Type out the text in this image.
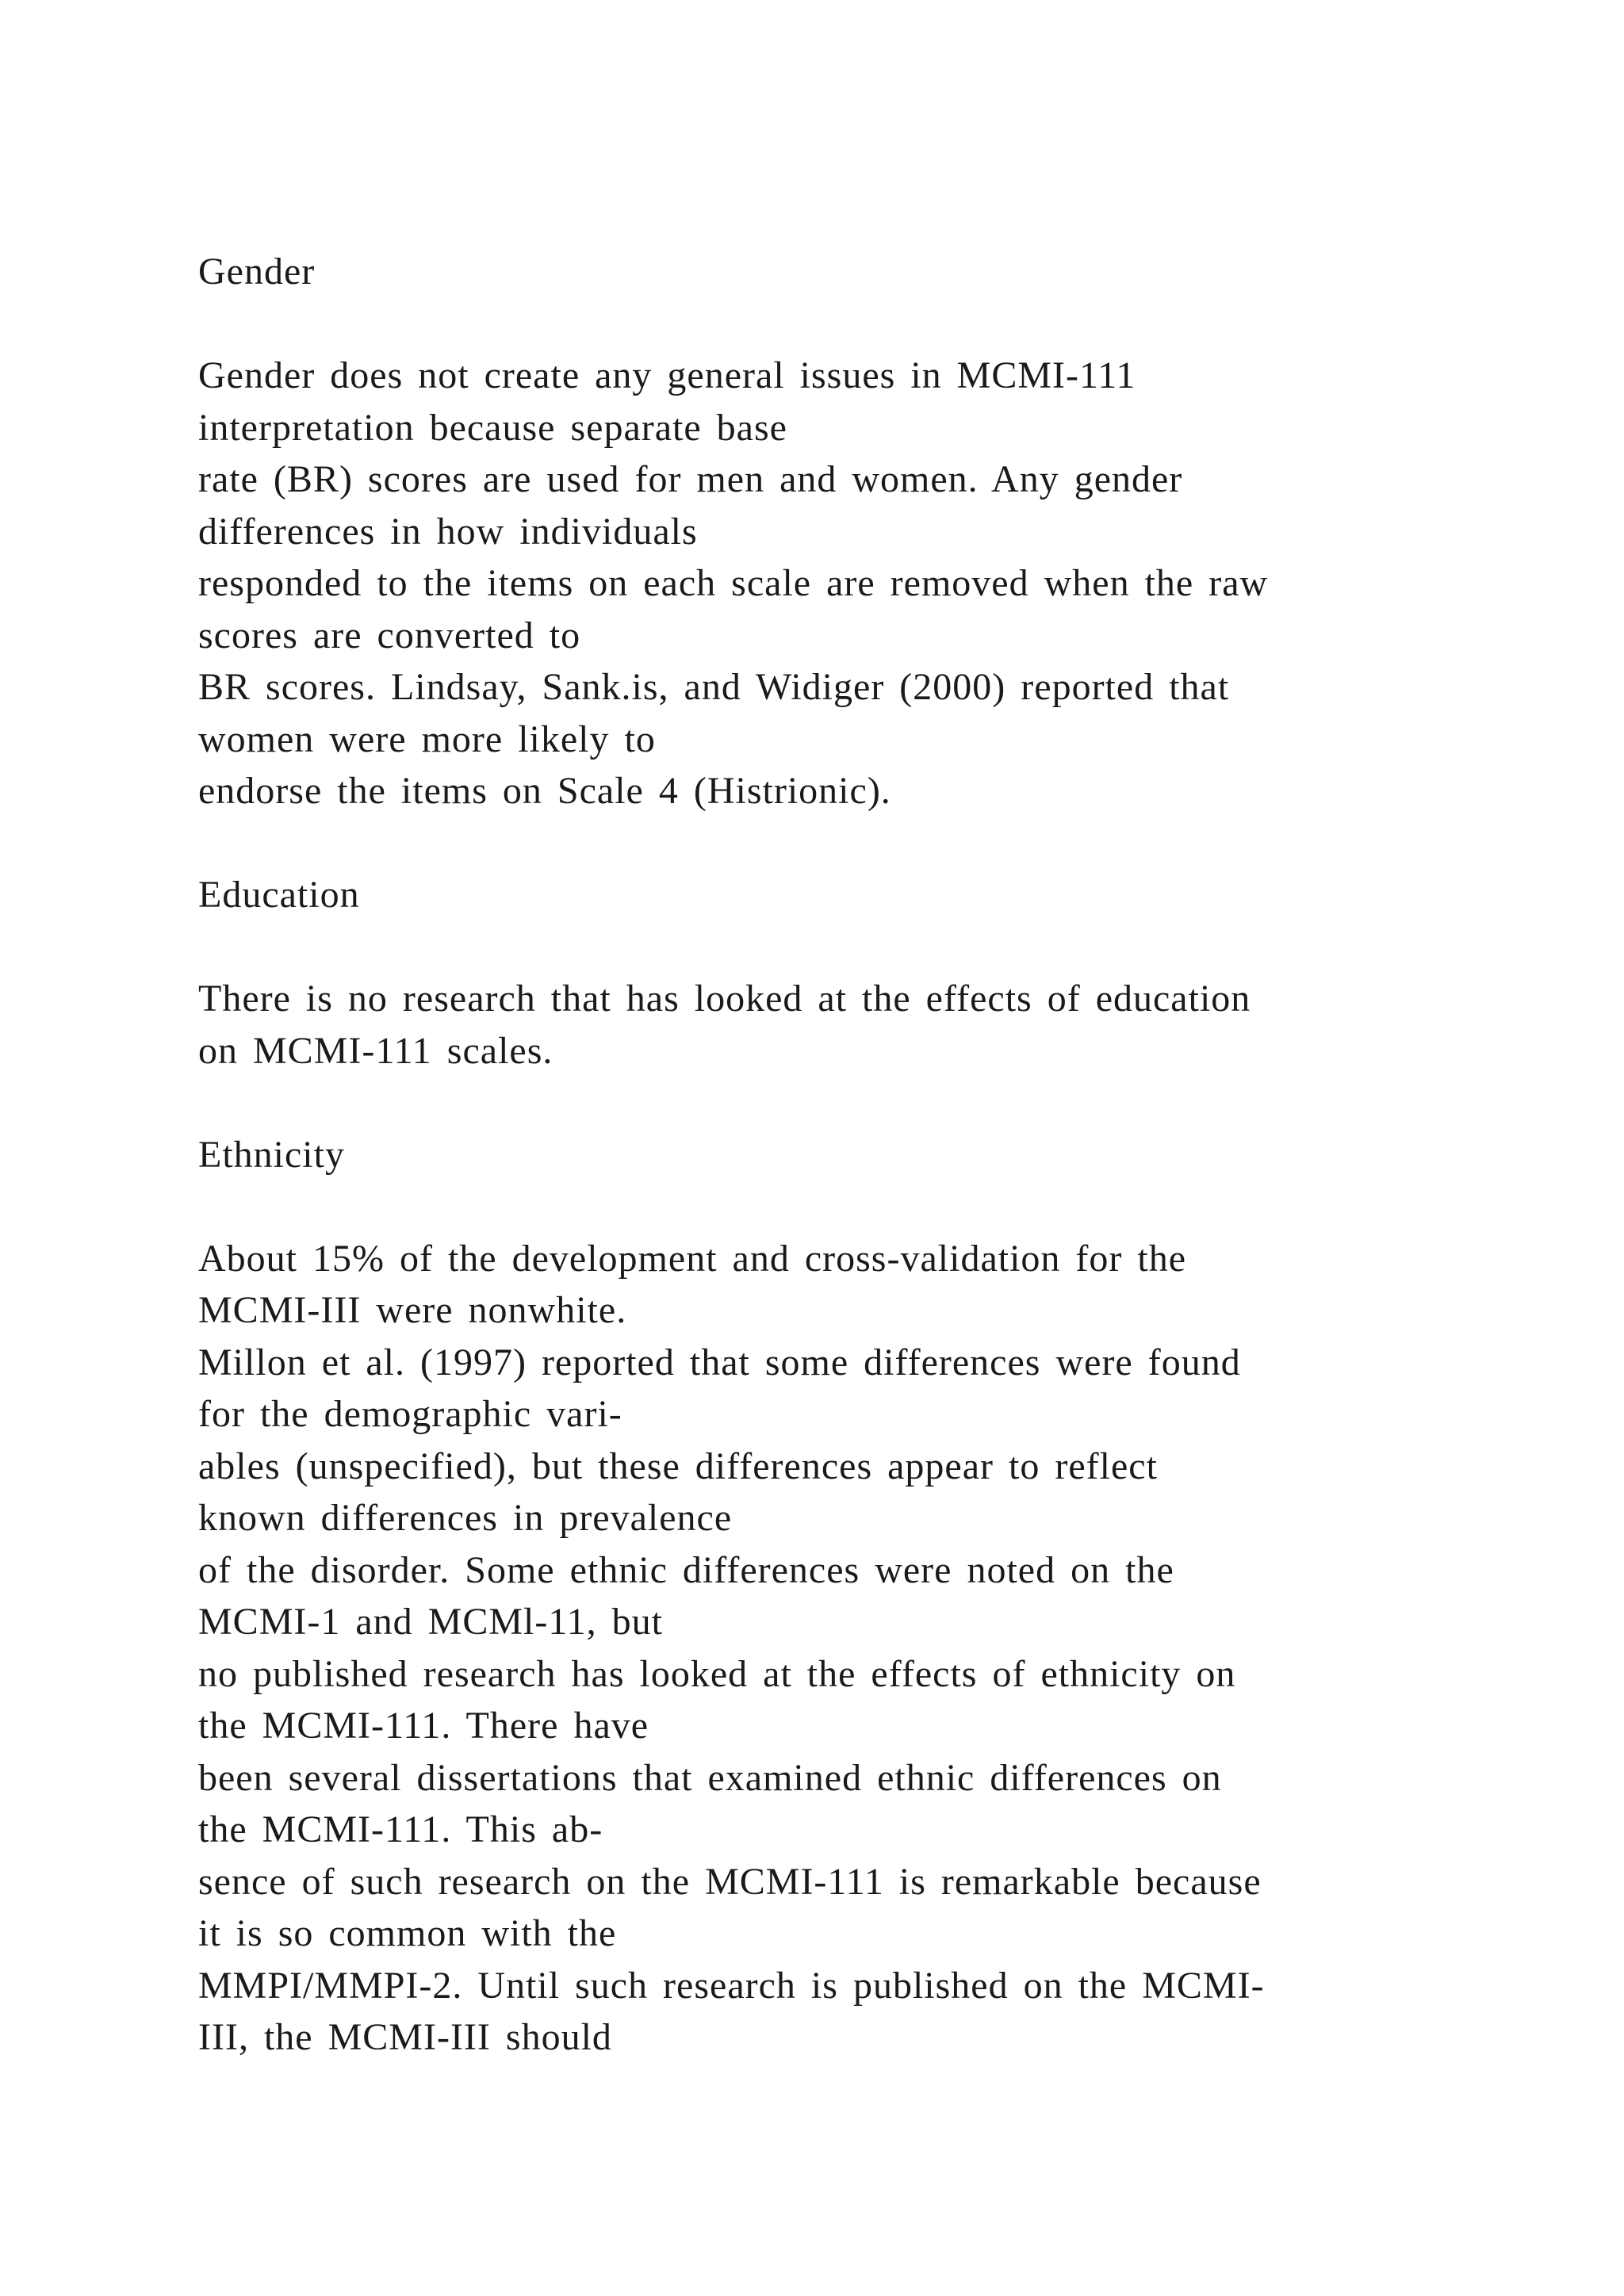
Gender
Gender does not create any general issues in MCMI-111
interpretation because separate base
rate (BR) scores are used for men and women. Any gender
differences in how individuals
responded to the items on each scale are removed when the raw
scores are converted to
BR scores. Lindsay, Sank.is, and Widiger (2000) reported that
women were more likely to
endorse the items on Scale 4 (Histrionic).
Education
There is no research that has looked at the effects of education
on MCMI-111 scales.
Ethnicity
About 15% of the development and cross-validation for the
MCMI-III were nonwhite.
Millon et al. (1997) reported that some differences were found
for the demographic vari-
ables (unspecified), but these differences appear to reflect
known differences in prevalence
of the disorder. Some ethnic differences were noted on the
MCMI-1 and MCMl-11, but
no published research has looked at the effects of ethnicity on
the MCMI-111. There have
been several dissertations that examined ethnic differences on
the MCMI-111. This ab-
sence of such research on the MCMI-111 is remarkable because
it is so common with the
MMPI/MMPI-2. Until such research is published on the MCMI-
III, the MCMI-III should
